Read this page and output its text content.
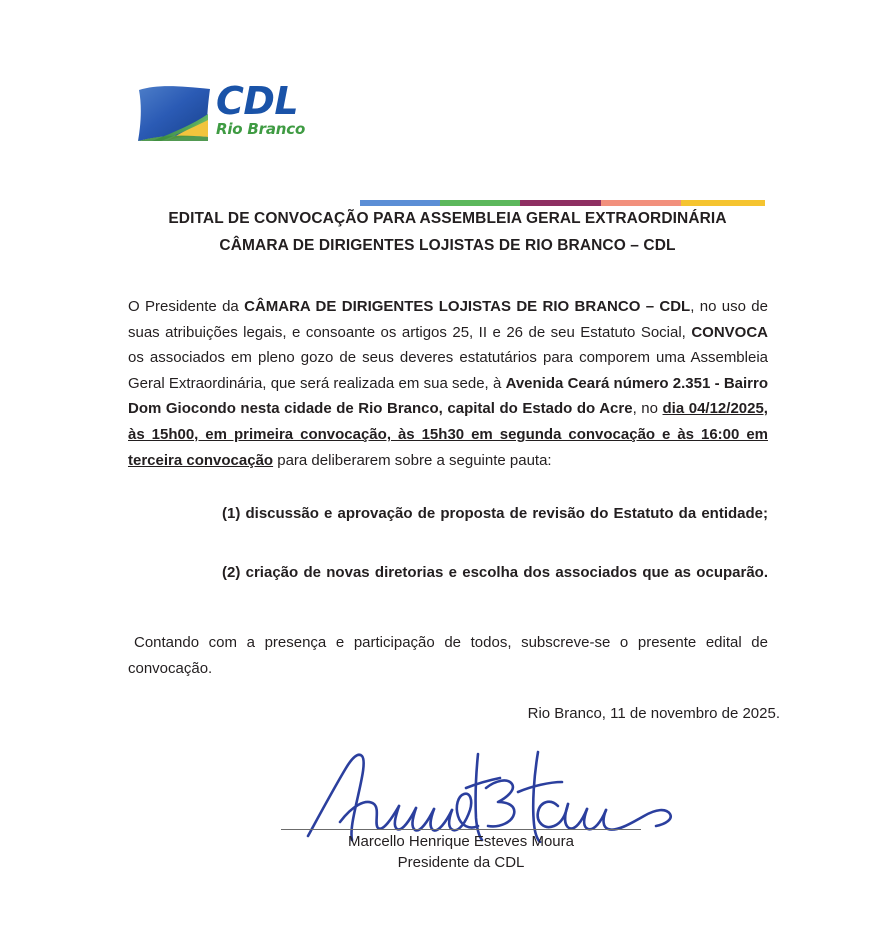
CDL
Rio Branco
EDITAL DE CONVOCAÇÃO PARA ASSEMBLEIA GERAL EXTRAORDINÁRIA
CÂMARA DE DIRIGENTES LOJISTAS DE RIO BRANCO – CDL
O Presidente da CÂMARA DE DIRIGENTES LOJISTAS DE RIO BRANCO – CDL, no uso de suas atribuições legais, e consoante os artigos 25, II e 26 de seu Estatuto Social, CONVOCA os associados em pleno gozo de seus deveres estatutários para comporem uma Assembleia Geral Extraordinária, que será realizada em sua sede, à Avenida Ceará número 2.351 - Bairro Dom Giocondo nesta cidade de Rio Branco, capital do Estado do Acre, no dia 04/12/2025, às 15h00, em primeira convocação, às 15h30 em segunda convocação e às 16:00 em terceira convocação para deliberarem sobre a seguinte pauta:
(1) discussão e aprovação de proposta de revisão do Estatuto da entidade;
(2) criação de novas diretorias e escolha dos associados que as ocuparão.
Contando com a presença e participação de todos, subscreve-se o presente edital de convocação.
Rio Branco, 11 de novembro de 2025.
Marcello Henrique Esteves Moura
Presidente da CDL
